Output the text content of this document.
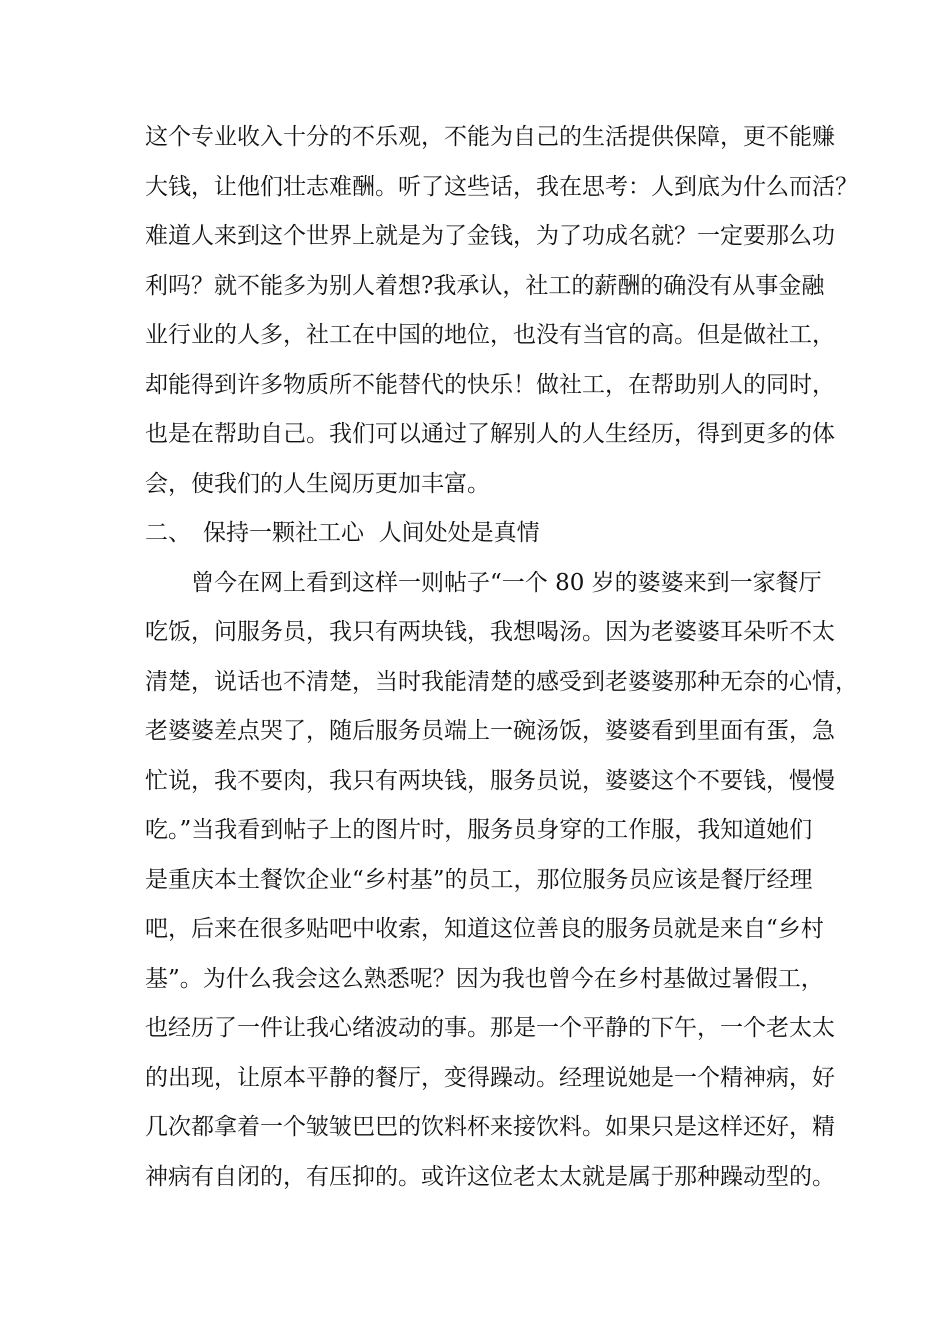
这个专业收入十分的不乐观，不能为自己的生活提供保障，更不能赚
大钱，让他们壮志难酬。听了这些话，我在思考：人到底为什么而活？
难道人来到这个世界上就是为了金钱，为了功成名就？一定要那么功
利吗？就不能多为别人着想?我承认，社工的薪酬的确没有从事金融
业行业的人多，社工在中国的地位，也没有当官的高。但是做社工，
却能得到许多物质所不能替代的快乐！做社工，在帮助别人的同时，
也是在帮助自己。我们可以通过了解别人的人生经历，得到更多的体
会，使我们的人生阅历更加丰富。
二、 保持一颗社工心  人间处处是真情
曾今在网上看到这样一则帖子“一个 80 岁的婆婆来到一家餐厅
吃饭，问服务员，我只有两块钱，我想喝汤。因为老婆婆耳朵听不太
清楚，说话也不清楚，当时我能清楚的感受到老婆婆那种无奈的心情，
老婆婆差点哭了，随后服务员端上一碗汤饭，婆婆看到里面有蛋，急
忙说，我不要肉，我只有两块钱，服务员说，婆婆这个不要钱，慢慢
吃。”当我看到帖子上的图片时，服务员身穿的工作服，我知道她们
是重庆本土餐饮企业“乡村基”的员工，那位服务员应该是餐厅经理
吧，后来在很多贴吧中收索，知道这位善良的服务员就是来自“乡村
基”。为什么我会这么熟悉呢？因为我也曾今在乡村基做过暑假工，
也经历了一件让我心绪波动的事。那是一个平静的下午，一个老太太
的出现，让原本平静的餐厅，变得躁动。经理说她是一个精神病，好
几次都拿着一个皱皱巴巴的饮料杯来接饮料。如果只是这样还好，精
神病有自闭的，有压抑的。或许这位老太太就是属于那种躁动型的。
